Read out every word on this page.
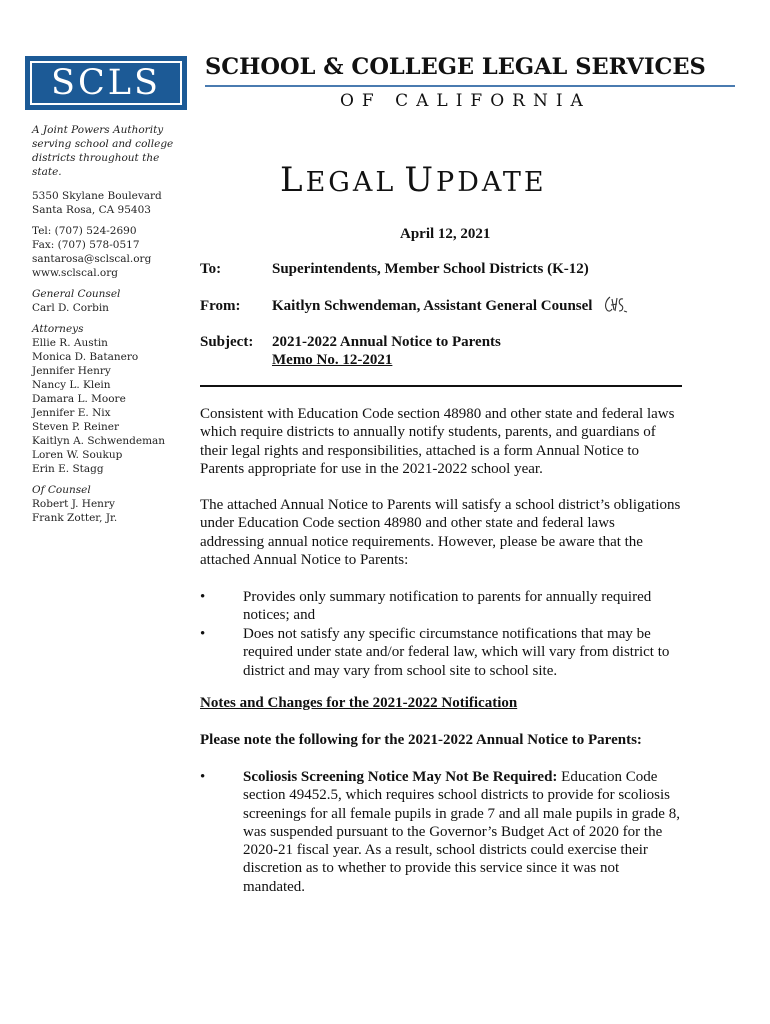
SCLS SCHOOL & COLLEGE LEGAL SERVICES
OF CALIFORNIA

A Joint Powers Authority serving school and college districts throughout the state.

5350 Skylane Boulevard

Santa Rosa, CA 95403

Tel: (707) 524-2690

Fax: (707) 578-0517

santarosa@sclscal.org

www.sclscal.org

General Counsel

Carl D. Corbin

Attorneys

Ellie R. Austin

Monica D. Batanero

Jennifer Henry

Nancy L. Klein

Damara L. Moore

Jennifer E. Nix

Steven P. Reiner

Kaitlyn A. Schwendeman

Loren W. Soukup

Erin E. Stagg

Of Counsel

Robert J. Henry

Frank Zotter, Jr.

LEGAL UPDATE
April 12, 2021
To:	Superintendents, Member School Districts (K-12)
From: Kaitlyn Schwendeman, Assistant General Counsel
Subject: 2021-2022 Annual Notice to Parents
Memo No. 12-2021

Consistent with Education Code section 48980 and other state and federal laws which require districts to annually notify students, parents, and guardians of their legal rights and responsibilities, attached is a form Annual Notice to Parents appropriate for use in the 2021-2022 school year.

The attached Annual Notice to Parents will satisfy a school district’s obligations under Education Code section 48980 and other state and federal laws addressing annual notice requirements. However, please be aware that the attached Annual Notice to Parents:

•	Provides only summary notification to parents for annually required notices; and
•	Does not satisfy any specific circumstance notifications that may be required under state and/or federal law, which will vary from district to district and may vary from school site to school site.
Notes and Changes for the 2021-2022 Notification
Please note the following for the 2021-2022 Annual Notice to Parents:
•	Scoliosis Screening Notice May Not Be Required: Education Code section 49452.5, which requires school districts to provide for scoliosis screenings for all female pupils in grade 7 and all male pupils in grade 8, was suspended pursuant to the Governor’s Budget Act of 2020 for the 2020-21 fiscal year. As a result, school districts could exercise their discretion as to whether to provide this service since it was not mandated.
